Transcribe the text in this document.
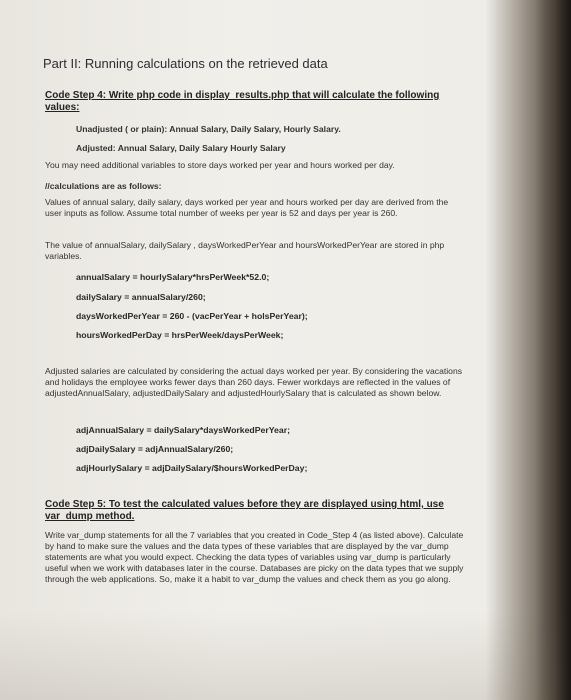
Part II: Running calculations on the retrieved data
Code Step 4: Write php code in display_results.php that will calculate the following values:
Unadjusted ( or plain): Annual Salary, Daily Salary, Hourly Salary.
Adjusted: Annual Salary, Daily Salary Hourly Salary
You may need additional variables to store days worked per year and hours worked per day.
//calculations are as follows:
Values of annual salary, daily salary, days worked per year and hours worked per day are derived from the user inputs as follow. Assume total number of weeks per year is 52 and days per year is 260.
The value of annualSalary, dailySalary , daysWorkedPerYear and hoursWorkedPerYear are stored in php variables.
annualSalary = hourlySalary*hrsPerWeek*52.0;
dailySalary = annualSalary/260;
daysWorkedPerYear = 260 - (vacPerYear + holsPerYear);
hoursWorkedPerDay = hrsPerWeek/daysPerWeek;
Adjusted salaries are calculated by considering the actual days worked per year. By considering the vacations and holidays the employee works fewer days than 260 days. Fewer workdays are reflected in the values of adjustedAnnualSalary, adjustedDailySalary and adjustedHourlySalary that is calculated as shown below.
adjAnnualSalary = dailySalary*daysWorkedPerYear;
adjDailySalary = adjAnnualSalary/260;
adjHourlySalary = adjDailySalary/$hoursWorkedPerDay;
Code Step 5: To test the calculated values before they are displayed using html, use var_dump method.
Write var_dump statements for all the 7 variables that you created in Code_Step 4 (as listed above). Calculate by hand to make sure the values and the data types of these variables that are displayed by the var_dump statements are what you would expect. Checking the data types of variables using var_dump is particularly useful when we work with databases later in the course. Databases are picky on the data types that we supply through the web applications. So, make it a habit to var_dump the values and check them as you go along.
